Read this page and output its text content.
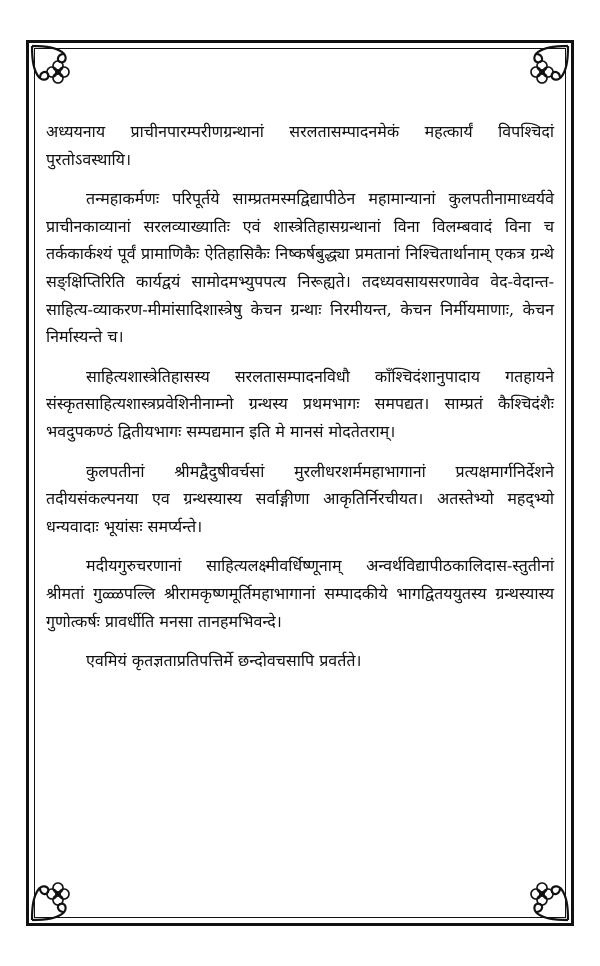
अध्ययनाय प्राचीनपारम्परीणग्रन्थानां सरलतासम्पादनमेकं महत्कार्यं विपश्चिदां पुरतोऽवस्थायि।

तन्महाकर्मणः परिपूर्तये साम्प्रतमस्मद्विद्यापीठेन महामान्यानां कुलपतीनामाध्वर्यवे प्राचीनकाव्यानां सरलव्याख्यातिः एवं शास्त्रेतिहासग्रन्थानां विना विलम्बवादं विना च तर्ककार्कश्यं पूर्वं प्रामाणिकैः ऐतिहासिकैः निष्कर्षबुद्ध्या प्रमतानां निश्चितार्थानाम् एकत्र ग्रन्थे सङ्क्षिप्तिरिति कार्यद्वयं सामोदमभ्युपपत्य निरूह्यते। तदध्यवसायसरणावेव वेद-वेदान्त-साहित्य-व्याकरण-मीमांसादिशास्त्रेषु केचन ग्रन्थाः निरमीयन्त, केचन निर्मीयमाणाः, केचन निर्मास्यन्ते च।

साहित्यशास्त्रेतिहासस्य सरलतासम्पादनविधौ काँश्चिदंशानुपादाय गतहायने संस्कृतसाहित्यशास्त्रप्रवेशिनीनाम्नो ग्रन्थस्य प्रथमभागः समपद्यत। साम्प्रतं कैश्चिदंशैः भवदुपकण्ठं द्वितीयभागः सम्पद्यमान इति मे मानसं मोदतेतराम्।

कुलपतीनां श्रीमद्वैदुषीवर्चसां मुरलीधरशर्ममहाभागानां प्रत्यक्षमार्गनिर्देशने तदीयसंकल्पनया एव ग्रन्थस्यास्य सर्वाङ्गीणा आकृतिर्निरचीयत। अतस्तेभ्यो महद्भ्यो धन्यवादाः भूयांसः समर्प्यन्ते।

मदीयगुरुचरणानां साहित्यलक्ष्मीवर्धिष्णूनाम् अन्वर्थविद्यापीठकालिदास-स्तुतीनां श्रीमतां गुळ्ळपल्लि श्रीरामकृष्णमूर्तिमहाभागानां सम्पादकीये भागद्वितययुतस्य ग्रन्थस्यास्य गुणोत्कर्षः प्रावर्धीति मनसा तानहमभिवन्दे।

एवमियं कृतज्ञताप्रतिपत्तिर्मे छन्दोवचसापि प्रवर्तते।
